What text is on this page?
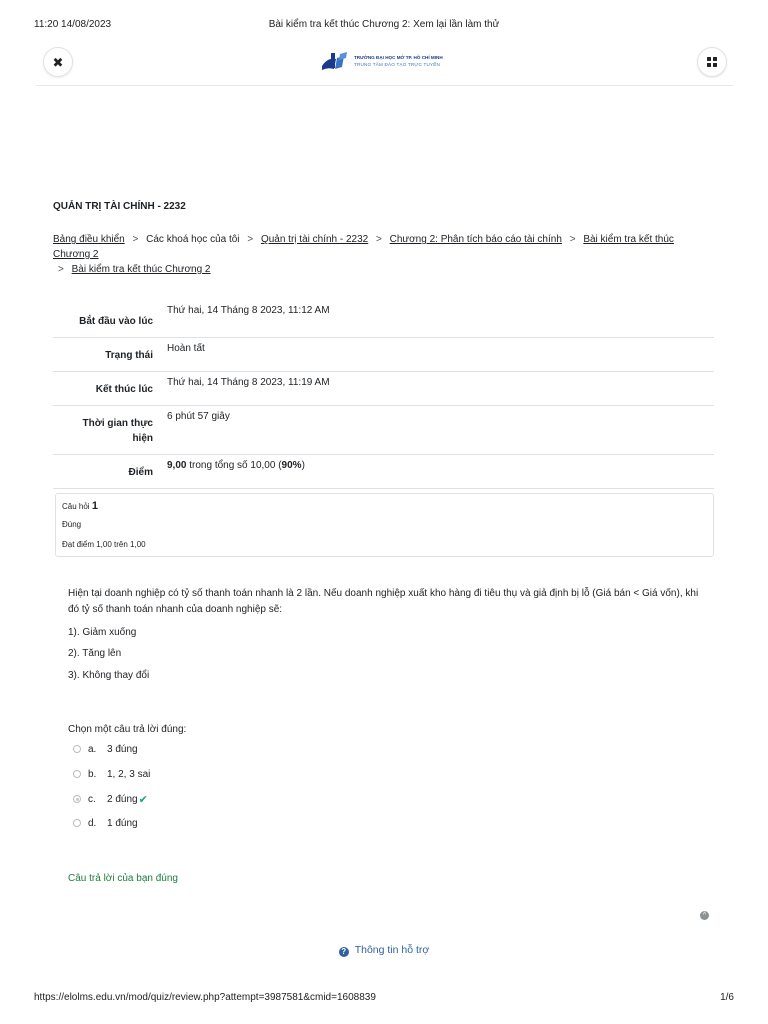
11:20 14/08/2023	Bài kiểm tra kết thúc Chương 2: Xem lại lần làm thử
✖	TRƯỜNG ĐẠI HỌC MỞ TP. HỒ CHÍ MINH
TRUNG TÂM ĐÀO TẠO TRỰC TUYẾN
QUẢN TRỊ TÀI CHÍNH - 2232
Bảng điều khiển > Các khoá học của tôi > Quản trị tài chính - 2232 > Chương 2: Phân tích báo cáo tài chính > Bài kiểm tra kết thúc Chương 2
> Bài kiểm tra kết thúc Chương 2
Bắt đầu vào lúc	Thứ hai, 14 Tháng 8 2023, 11:12 AM

Trạng thái	Hoàn tất

Kết thúc lúc	Thứ hai, 14 Tháng 8 2023, 11:19 AM

Thời gian thực hiện	6 phút 57 giây

Điểm	9,00 trong tổng số 10,00 (90%)
Câu hỏi 1
Đúng
Đạt điểm 1,00 trên 1,00
Hiện tại doanh nghiệp có tỷ số thanh toán nhanh là 2 lần. Nếu doanh nghiệp xuất kho hàng đi tiêu thụ và giả định bị lỗ (Giá bán < Giá vốn), khi đó tỷ số thanh toán nhanh của doanh nghiệp sẽ:
1). Giảm xuống
2). Tăng lên
3). Không thay đổi
Chọn một câu trả lời đúng:
a.	3 đúng
b.	1, 2, 3 sai
c.	2 đúng ✔
d.	1 đúng
Câu trả lời của bạn đúng
^
? Thông tin hỗ trợ
https://elolms.edu.vn/mod/quiz/review.php?attempt=3987581&cmid=1608839	1/6
